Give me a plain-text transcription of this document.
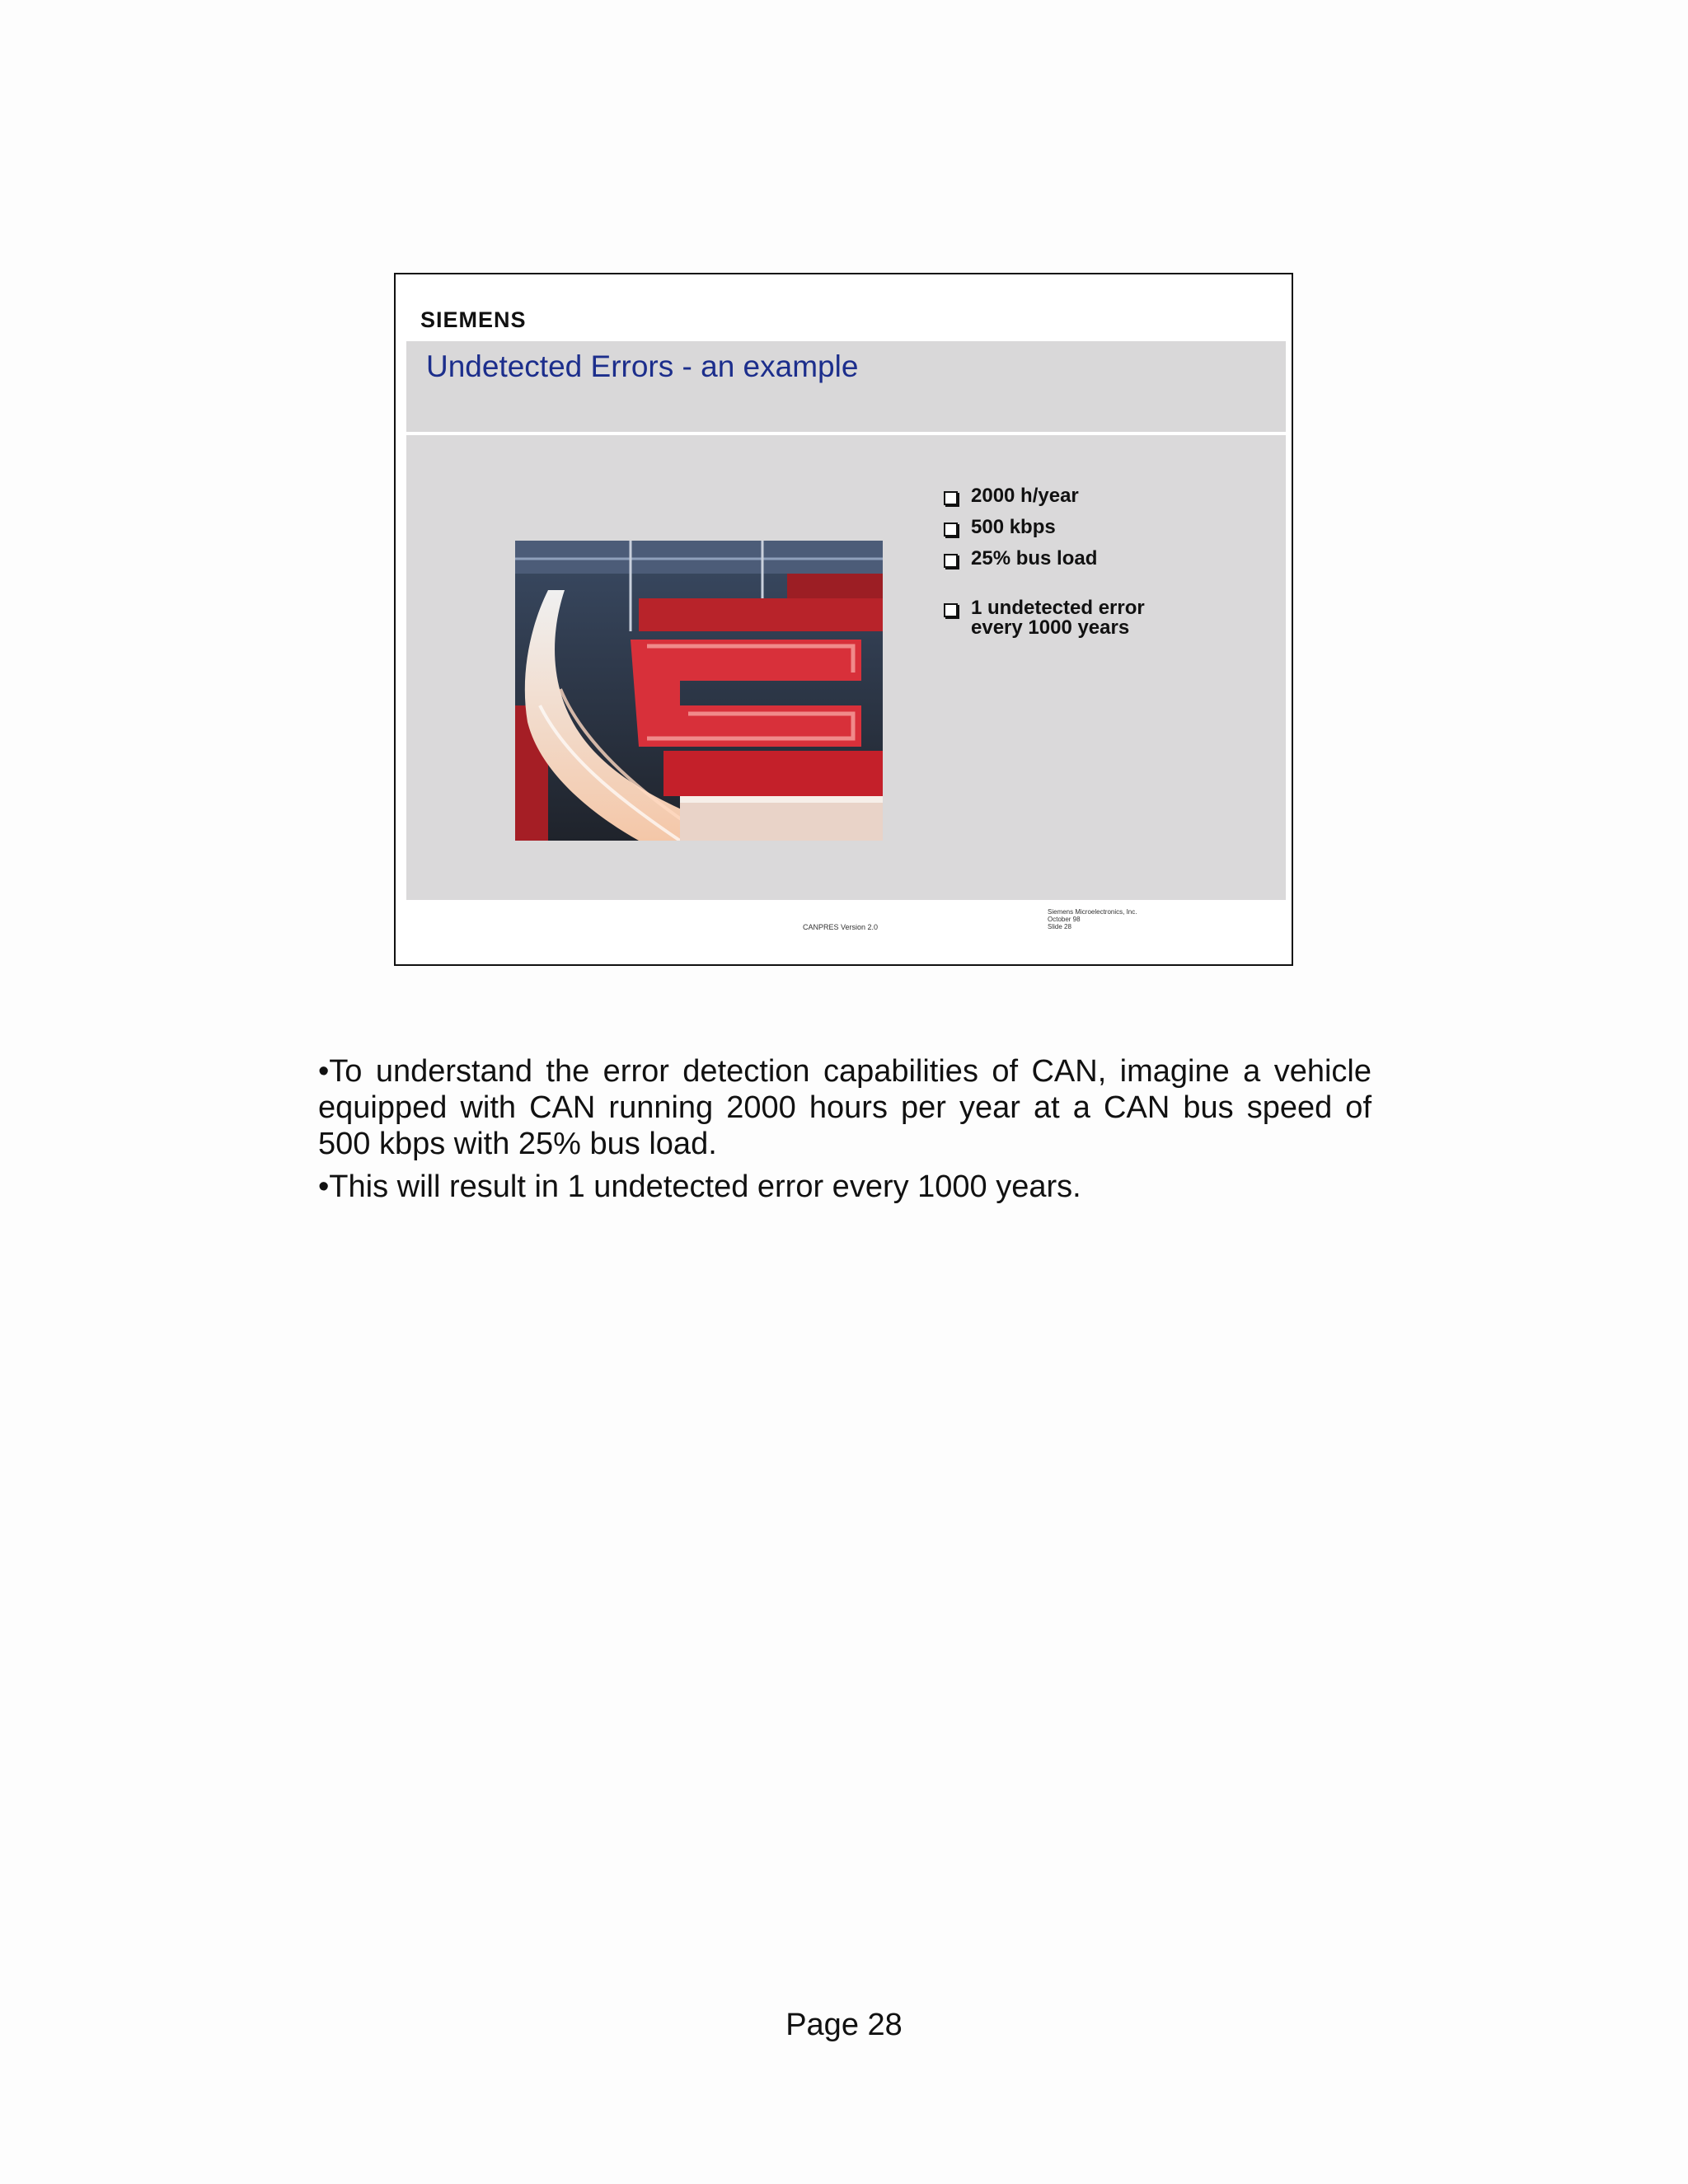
SIEMENS
Undetected Errors - an example
2000 h/year
500 kbps
25% bus load
1 undetected error every 1000 years
CANPRES Version 2.0
Siemens Microelectronics, Inc.
October 98
Slide 28

•To understand the error detection capabilities of CAN, imagine a vehicle equipped with CAN running 2000 hours per year at a CAN bus speed of 500 kbps with 25% bus load.

•This will result in 1 undetected error every 1000 years.

Page 28
